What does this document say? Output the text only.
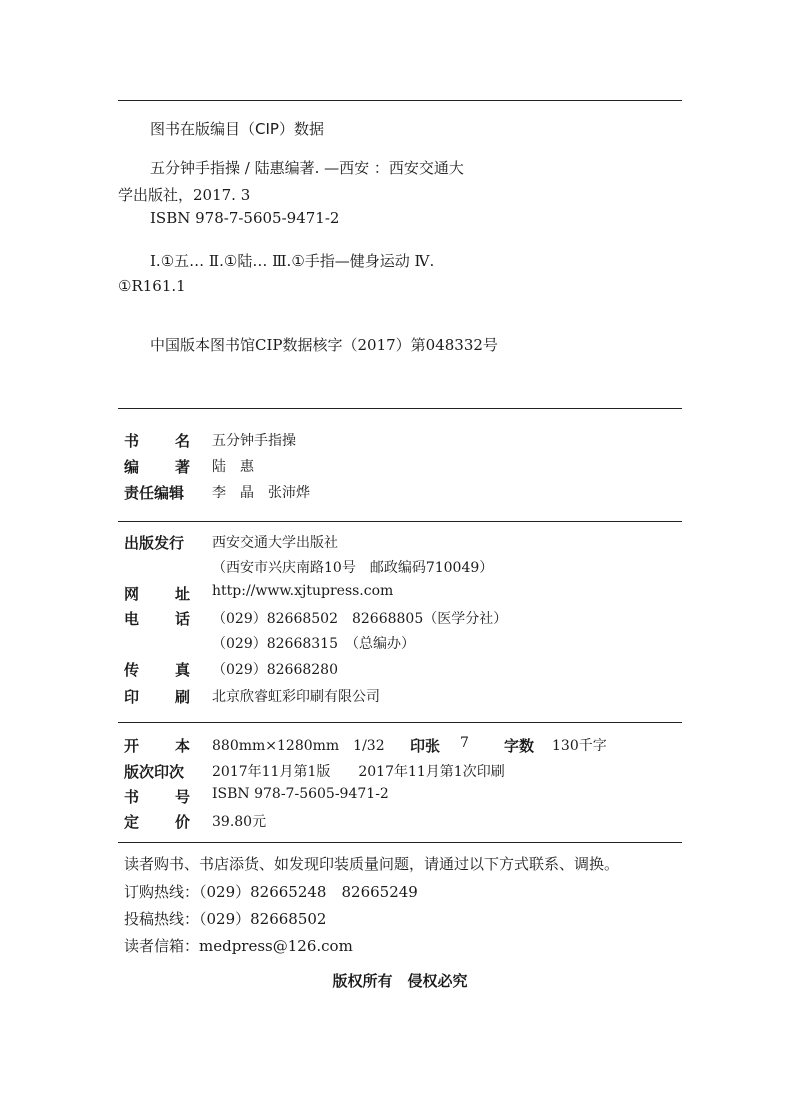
图书在版编目（CIP）数据
五分钟手指操 / 陆惠编著. —西安 ：西安交通大
学出版社，2017. 3
ISBN 978-7-5605-9471-2
Ⅰ.①五… Ⅱ.①陆… Ⅲ.①手指—健身运动 Ⅳ.
①R161.1
中国版本图书馆CIP数据核字（2017）第048332号
书 名 五分钟手指操
编 著 陆　惠
责任编辑 李　晶　张沛烨
出版发行 西安交通大学出版社
（西安市兴庆南路10号　邮政编码710049）
网 址 http://www.xjtupress.com
电 话 （029）82668502　82668805（医学分社）
（029）82668315　（总编办）
传 真 （029）82668280
印 刷 北京欣睿虹彩印刷有限公司
开 本 880mm×1280mm　1/32 印张 7 字数 130千字
版次印次 2017年11月第1版　　2017年11月第1次印刷
书 号 ISBN 978-7-5605-9471-2
定 价 39.80元
读者购书、书店添货、如发现印装质量问题，请通过以下方式联系、调换。
订购热线：（029）82665248　82665249
投稿热线：（029）82668502
读者信箱：medpress@126.com
版权所有　侵权必究
